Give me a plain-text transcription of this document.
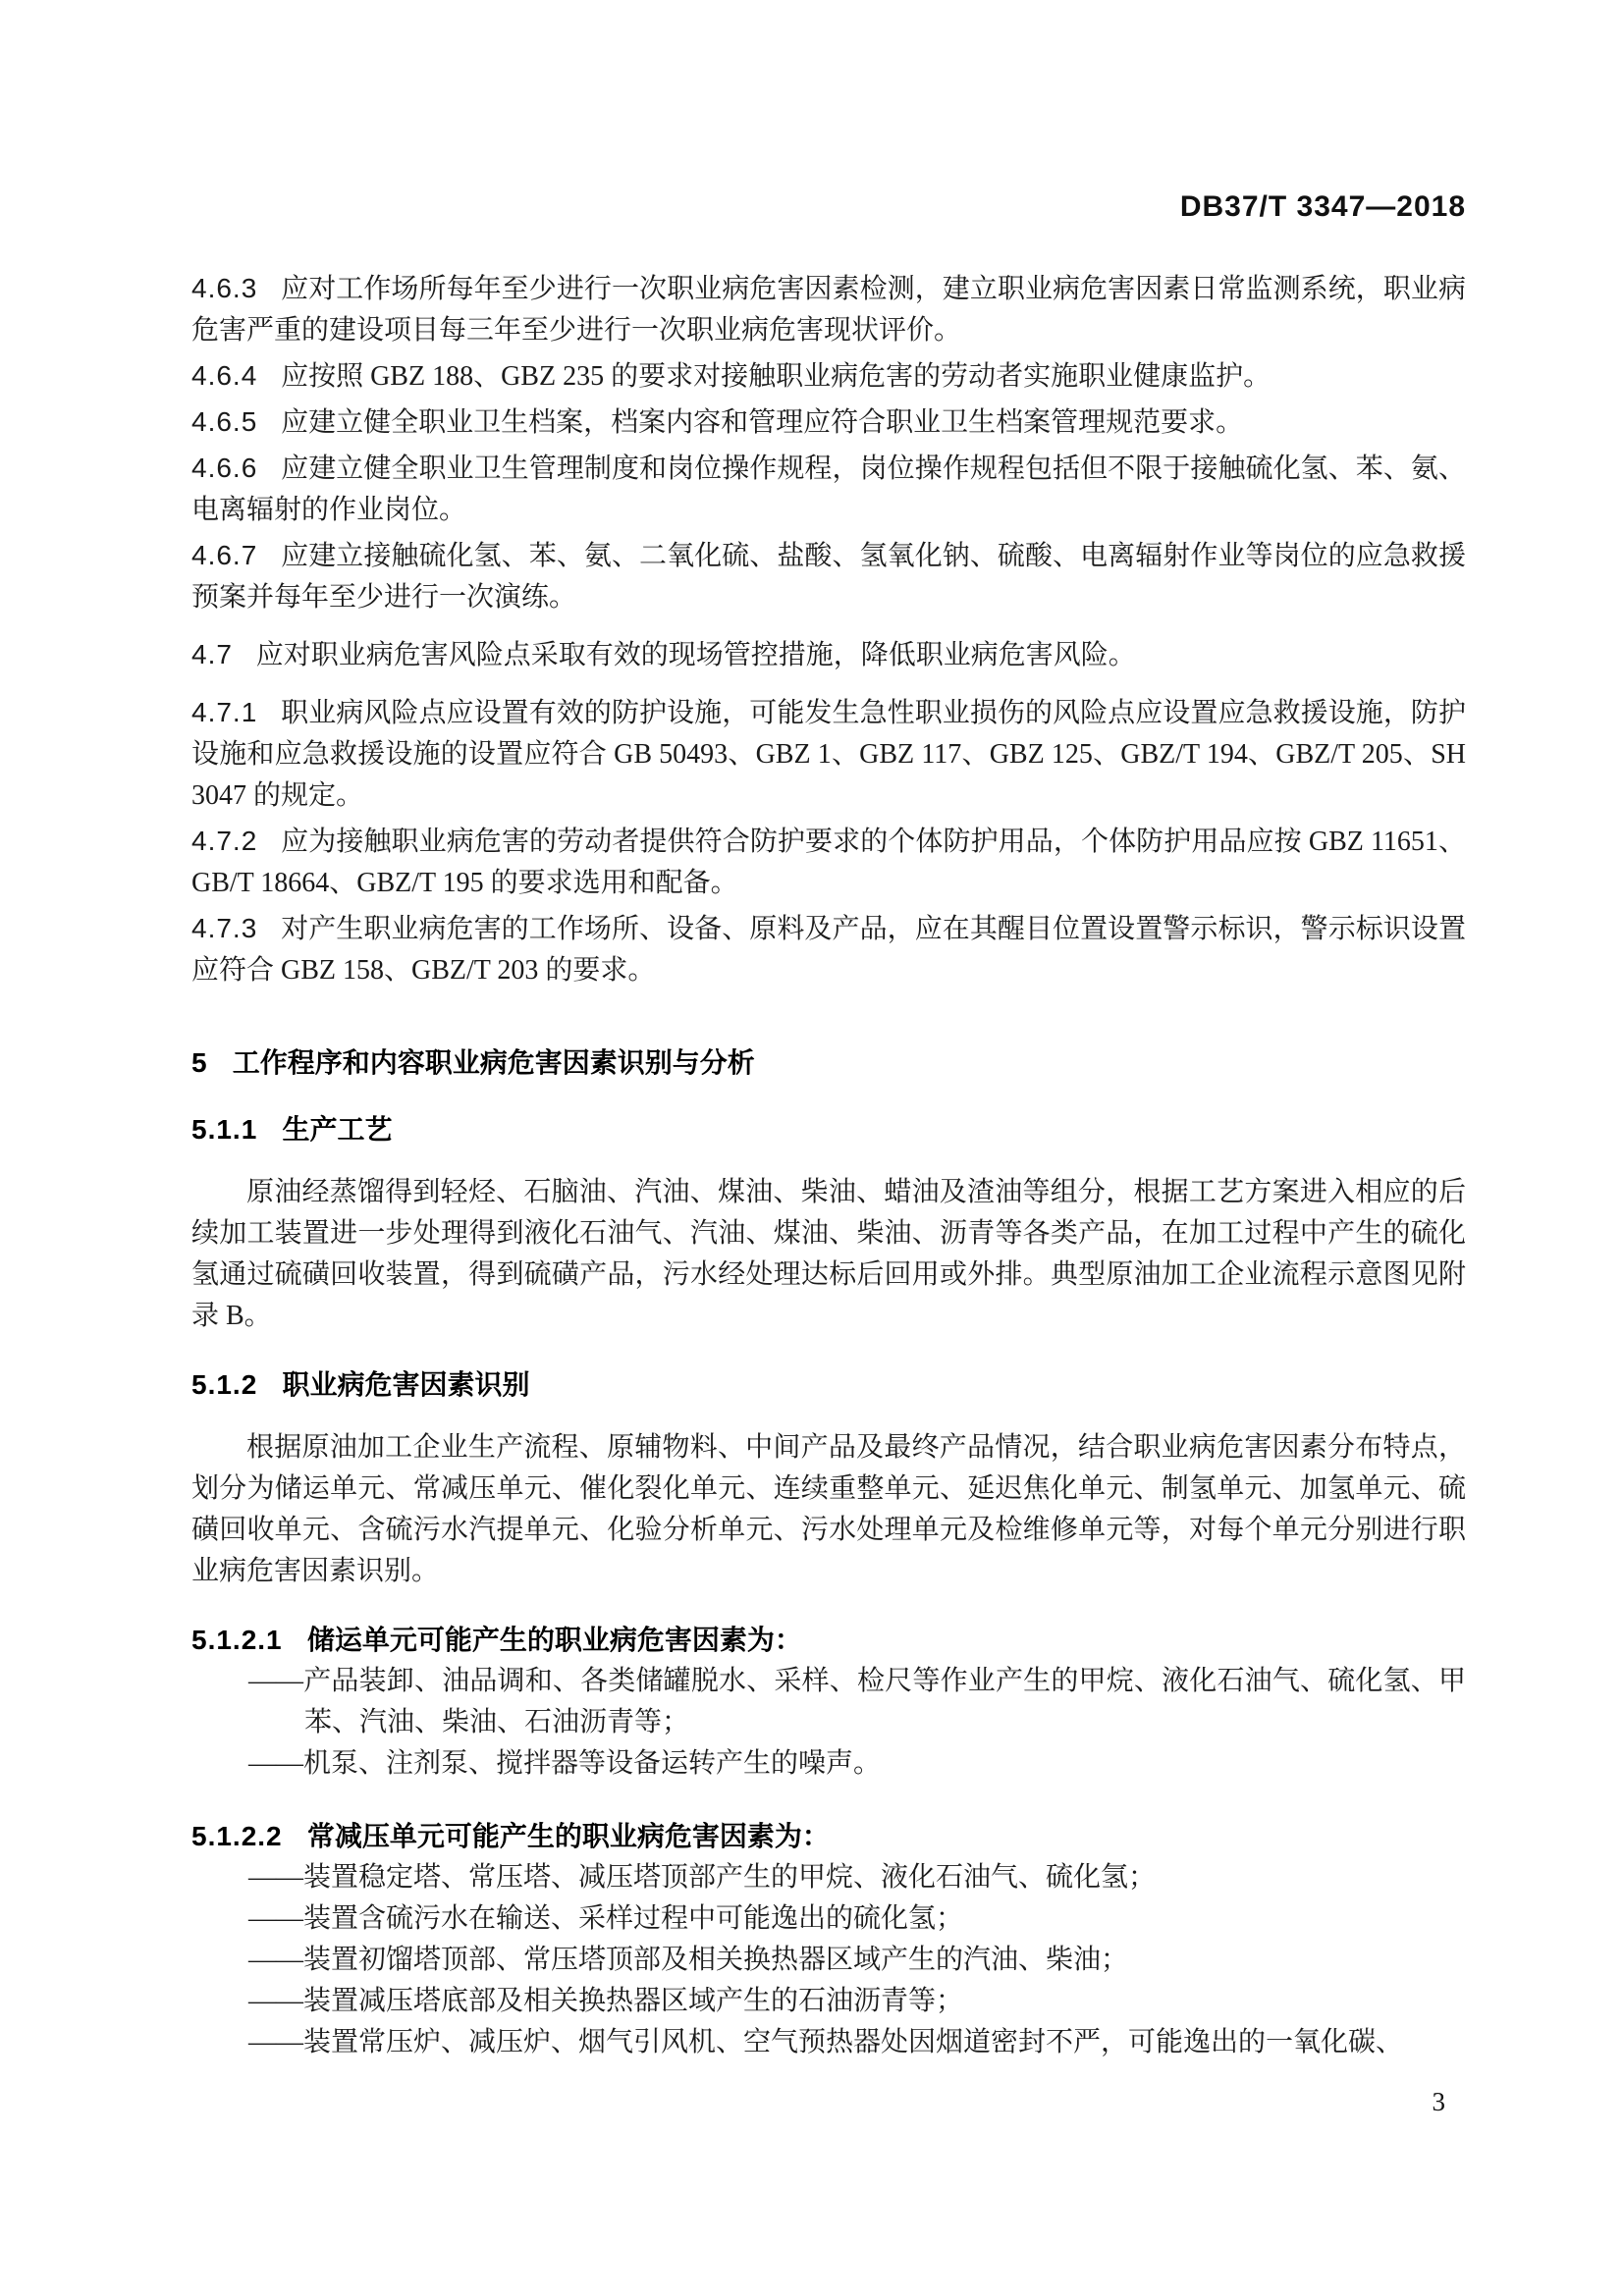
DB37/T 3347—2018

4.6.3 应对工作场所每年至少进行一次职业病危害因素检测，建立职业病危害因素日常监测系统，职业病危害严重的建设项目每三年至少进行一次职业病危害现状评价。

4.6.4 应按照 GBZ 188、GBZ 235 的要求对接触职业病危害的劳动者实施职业健康监护。

4.6.5 应建立健全职业卫生档案，档案内容和管理应符合职业卫生档案管理规范要求。

4.6.6 应建立健全职业卫生管理制度和岗位操作规程，岗位操作规程包括但不限于接触硫化氢、苯、氨、电离辐射的作业岗位。

4.6.7 应建立接触硫化氢、苯、氨、二氧化硫、盐酸、氢氧化钠、硫酸、电离辐射作业等岗位的应急救援预案并每年至少进行一次演练。

4.7 应对职业病危害风险点采取有效的现场管控措施，降低职业病危害风险。

4.7.1 职业病风险点应设置有效的防护设施，可能发生急性职业损伤的风险点应设置应急救援设施，防护设施和应急救援设施的设置应符合 GB 50493、GBZ 1、GBZ 117、GBZ 125、GBZ/T 194、GBZ/T 205、SH 3047 的规定。

4.7.2 应为接触职业病危害的劳动者提供符合防护要求的个体防护用品，个体防护用品应按 GBZ 11651、GB/T 18664、GBZ/T 195 的要求选用和配备。

4.7.3 对产生职业病危害的工作场所、设备、原料及产品，应在其醒目位置设置警示标识，警示标识设置应符合 GBZ 158、GBZ/T 203 的要求。

5 工作程序和内容职业病危害因素识别与分析
5.1.1 生产工艺

原油经蒸馏得到轻烃、石脑油、汽油、煤油、柴油、蜡油及渣油等组分，根据工艺方案进入相应的后续加工装置进一步处理得到液化石油气、汽油、煤油、柴油、沥青等各类产品，在加工过程中产生的硫化氢通过硫磺回收装置，得到硫磺产品，污水经处理达标后回用或外排。典型原油加工企业流程示意图见附录 B。

5.1.2 职业病危害因素识别

根据原油加工企业生产流程、原辅物料、中间产品及最终产品情况，结合职业病危害因素分布特点，划分为储运单元、常减压单元、催化裂化单元、连续重整单元、延迟焦化单元、制氢单元、加氢单元、硫磺回收单元、含硫污水汽提单元、化验分析单元、污水处理单元及检维修单元等，对每个单元分别进行职业病危害因素识别。

5.1.2.1 储运单元可能产生的职业病危害因素为：

——产品装卸、油品调和、各类储罐脱水、采样、检尺等作业产生的甲烷、液化石油气、硫化氢、甲苯、汽油、柴油、石油沥青等；

——机泵、注剂泵、搅拌器等设备运转产生的噪声。

5.1.2.2 常减压单元可能产生的职业病危害因素为：

——装置稳定塔、常压塔、减压塔顶部产生的甲烷、液化石油气、硫化氢；

——装置含硫污水在输送、采样过程中可能逸出的硫化氢；

——装置初馏塔顶部、常压塔顶部及相关换热器区域产生的汽油、柴油；

——装置减压塔底部及相关换热器区域产生的石油沥青等；

——装置常压炉、减压炉、烟气引风机、空气预热器处因烟道密封不严，可能逸出的一氧化碳、

3
